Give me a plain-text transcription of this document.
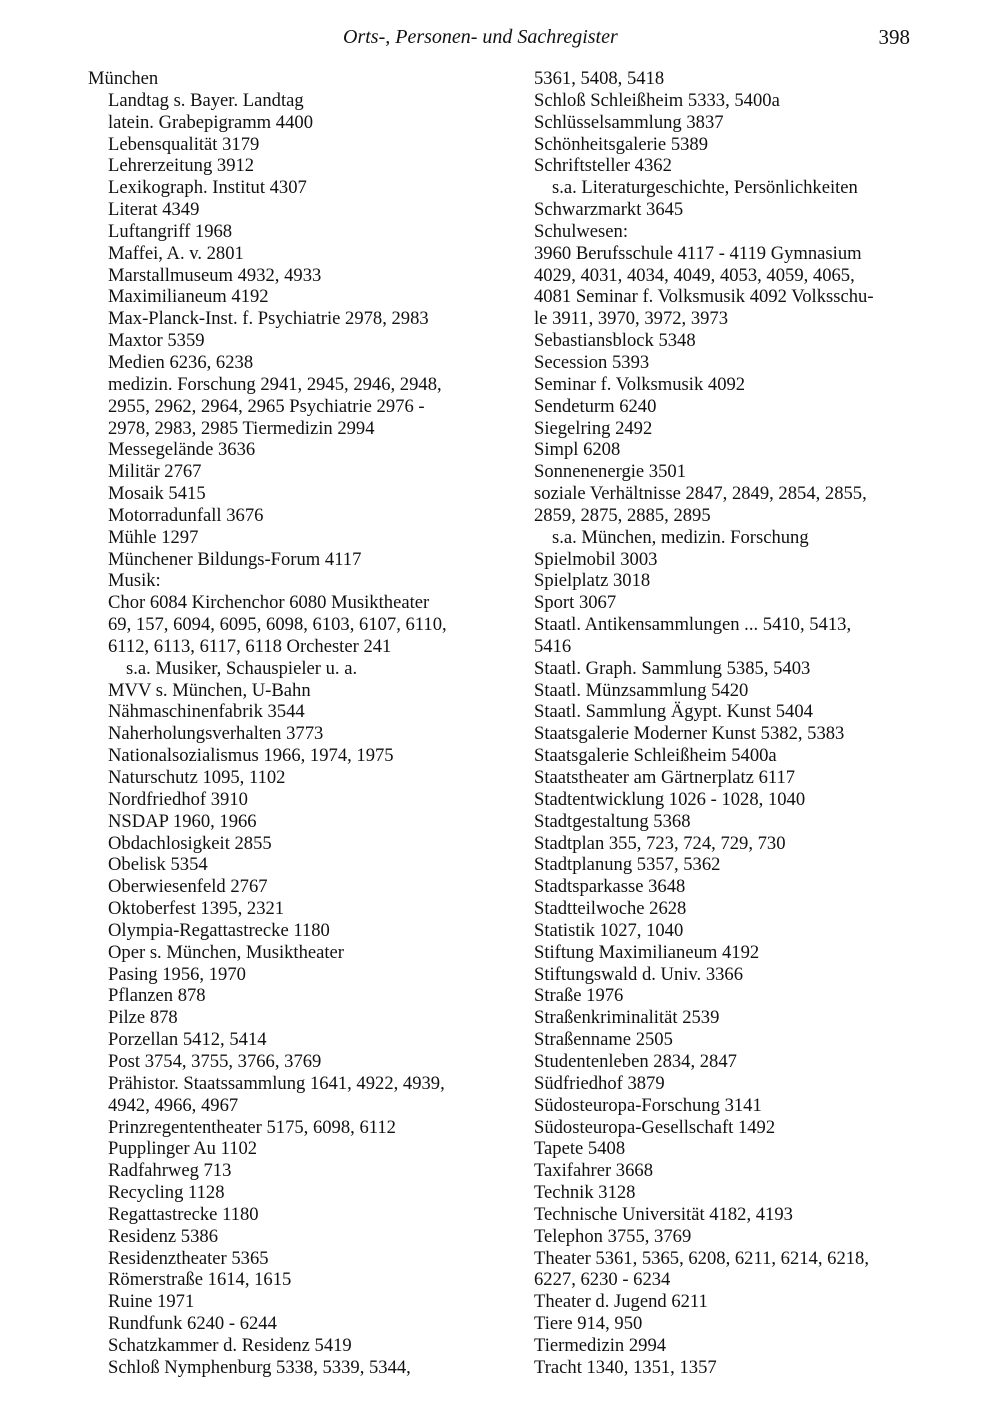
Orts-, Personen- und Sachregister	398
München
Landtag s. Bayer. Landtag
latein. Grabepigramm 4400
Lebensqualität 3179
Lehrerzeitung 3912
Lexikograph. Institut 4307
Literat 4349
Luftangriff 1968
Maffei, A. v. 2801
Marstallmuseum 4932, 4933
Maximilianeum 4192
Max-Planck-Inst. f. Psychiatrie 2978, 2983
Maxtor 5359
Medien 6236, 6238
medizin. Forschung 2941, 2945, 2946, 2948,
2955, 2962, 2964, 2965 Psychiatrie 2976 -
2978, 2983, 2985 Tiermedizin 2994
Messegelände 3636
Militär 2767
Mosaik 5415
Motorradunfall 3676
Mühle 1297
Münchener Bildungs-Forum 4117
Musik:
Chor 6084 Kirchenchor 6080 Musiktheater
69, 157, 6094, 6095, 6098, 6103, 6107, 6110,
6112, 6113, 6117, 6118 Orchester 241
s.a. Musiker, Schauspieler u. a.
MVV s. München, U-Bahn
Nähmaschinenfabrik 3544
Naherholungsverhalten 3773
Nationalsozialismus 1966, 1974, 1975
Naturschutz 1095, 1102
Nordfriedhof 3910
NSDAP 1960, 1966
Obdachlosigkeit 2855
Obelisk 5354
Oberwiesenfeld 2767
Oktoberfest 1395, 2321
Olympia-Regattastrecke 1180
Oper s. München, Musiktheater
Pasing 1956, 1970
Pflanzen 878
Pilze 878
Porzellan 5412, 5414
Post 3754, 3755, 3766, 3769
Prähistor. Staatssammlung 1641, 4922, 4939,
4942, 4966, 4967
Prinzregententheater 5175, 6098, 6112
Pupplinger Au 1102
Radfahrweg 713
Recycling 1128
Regattastrecke 1180
Residenz 5386
Residenztheater 5365
Römerstraße 1614, 1615
Ruine 1971
Rundfunk 6240 - 6244
Schatzkammer d. Residenz 5419
Schloß Nymphenburg 5338, 5339, 5344,
5361, 5408, 5418
Schloß Schleißheim 5333, 5400a
Schlüsselsammlung 3837
Schönheitsgalerie 5389
Schriftsteller 4362
s.a. Literaturgeschichte, Persönlichkeiten
Schwarzmarkt 3645
Schulwesen:
3960 Berufsschule 4117 - 4119 Gymnasium
4029, 4031, 4034, 4049, 4053, 4059, 4065,
4081 Seminar f. Volksmusik 4092 Volksschu-
le 3911, 3970, 3972, 3973
Sebastiansblock 5348
Secession 5393
Seminar f. Volksmusik 4092
Sendeturm 6240
Siegelring 2492
Simpl 6208
Sonnenenergie 3501
soziale Verhältnisse 2847, 2849, 2854, 2855,
2859, 2875, 2885, 2895
s.a. München, medizin. Forschung
Spielmobil 3003
Spielplatz 3018
Sport 3067
Staatl. Antikensammlungen ... 5410, 5413,
5416
Staatl. Graph. Sammlung 5385, 5403
Staatl. Münzsammlung 5420
Staatl. Sammlung Ägypt. Kunst 5404
Staatsgalerie Moderner Kunst 5382, 5383
Staatsgalerie Schleißheim 5400a
Staatstheater am Gärtnerplatz 6117
Stadtentwicklung 1026 - 1028, 1040
Stadtgestaltung 5368
Stadtplan 355, 723, 724, 729, 730
Stadtplanung 5357, 5362
Stadtsparkasse 3648
Stadtteilwoche 2628
Statistik 1027, 1040
Stiftung Maximilianeum 4192
Stiftungswald d. Univ. 3366
Straße 1976
Straßenkriminalität 2539
Straßenname 2505
Studentenleben 2834, 2847
Südfriedhof 3879
Südosteuropa-Forschung 3141
Südosteuropa-Gesellschaft 1492
Tapete 5408
Taxifahrer 3668
Technik 3128
Technische Universität 4182, 4193
Telephon 3755, 3769
Theater 5361, 5365, 6208, 6211, 6214, 6218,
6227, 6230 - 6234
Theater d. Jugend 6211
Tiere 914, 950
Tiermedizin 2994
Tracht 1340, 1351, 1357
